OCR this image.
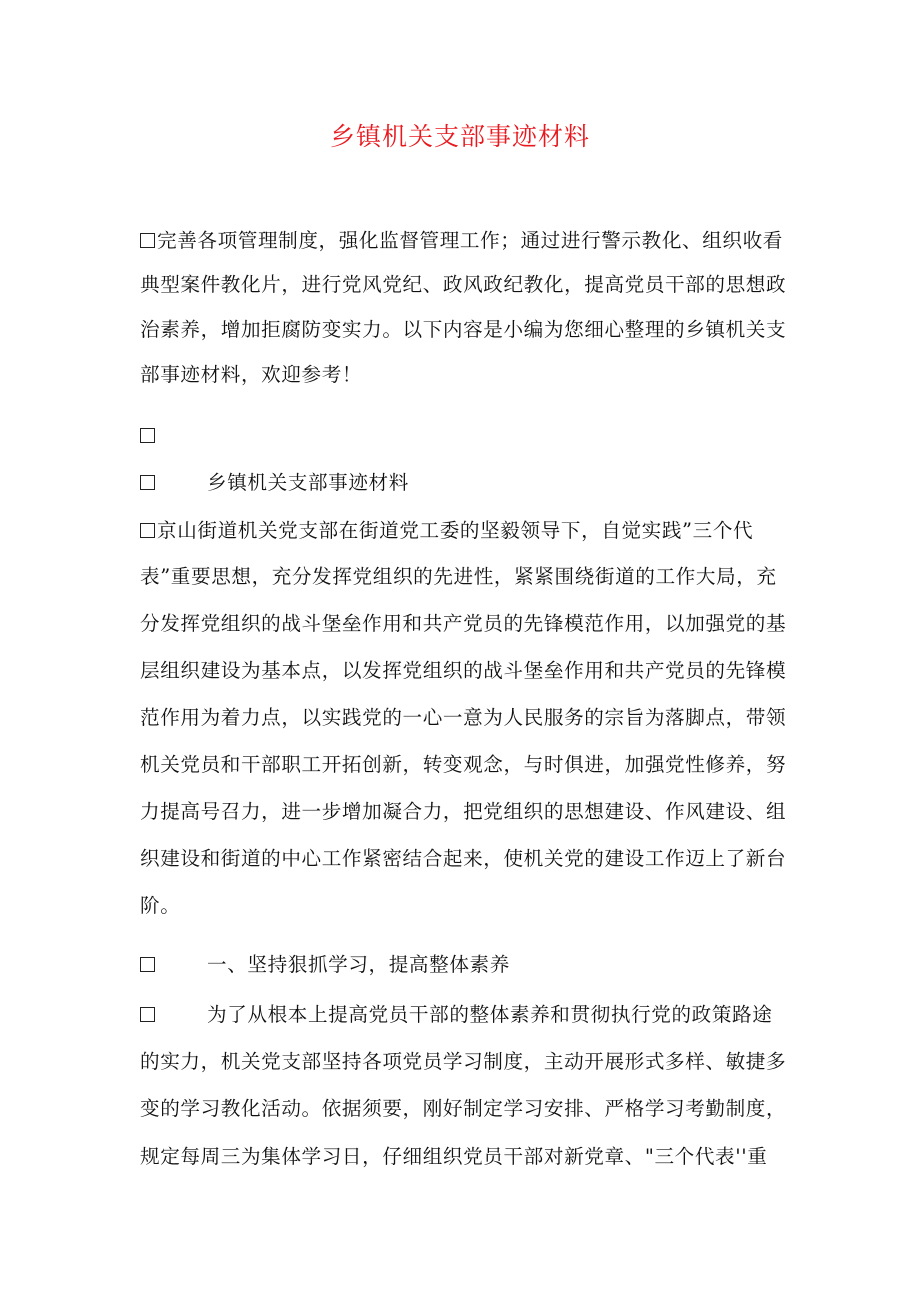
乡镇机关支部事迹材料
完善各项管理制度，强化监督管理工作；通过进行警示教化、组织收看
典型案件教化片，进行党风党纪、政风政纪教化，提高党员干部的思想政
治素养，增加拒腐防变实力。以下内容是小编为您细心整理的乡镇机关支
部事迹材料，欢迎参考！
乡镇机关支部事迹材料
京山街道机关党支部在街道党工委的坚毅领导下，自觉实践”三个代
表”重要思想，充分发挥党组织的先进性，紧紧围绕街道的工作大局，充
分发挥党组织的战斗堡垒作用和共产党员的先锋模范作用，以加强党的基
层组织建设为基本点，以发挥党组织的战斗堡垒作用和共产党员的先锋模
范作用为着力点，以实践党的一心一意为人民服务的宗旨为落脚点，带领
机关党员和干部职工开拓创新，转变观念，与时俱进，加强党性修养，努
力提高号召力，进一步增加凝合力，把党组织的思想建设、作风建设、组
织建设和街道的中心工作紧密结合起来，使机关党的建设工作迈上了新台
阶。
一、坚持狠抓学习，提高整体素养
为了从根本上提高党员干部的整体素养和贯彻执行党的政策路途
的实力，机关党支部坚持各项党员学习制度，主动开展形式多样、敏捷多
变的学习教化活动。依据须要，刚好制定学习安排、严格学习考勤制度，
规定每周三为集体学习日，仔细组织党员干部对新党章、"三个代表''重
